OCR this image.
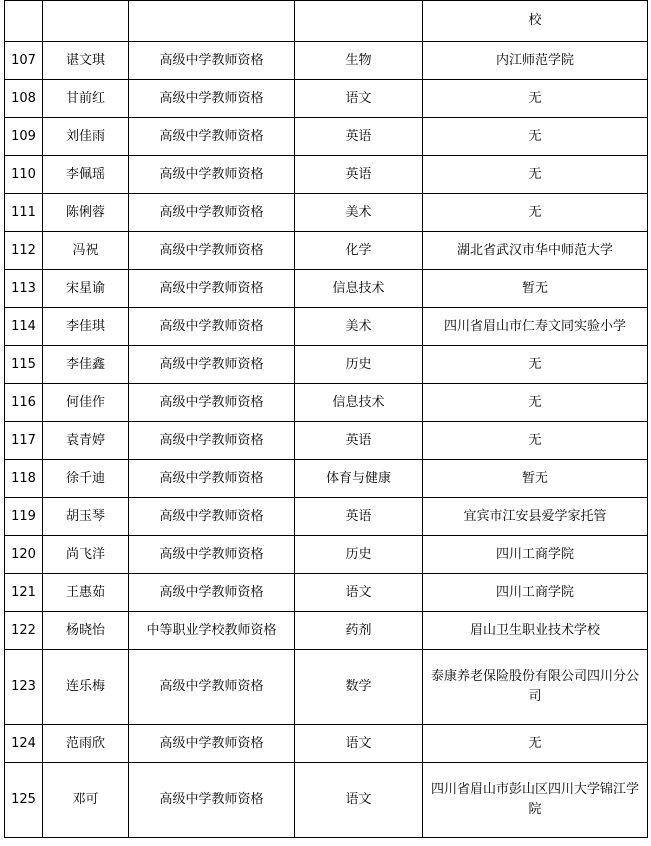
				校
107	谌文琪	高级中学教师资格	生物	内江师范学院
108	甘前红	高级中学教师资格	语文	无
109	刘佳雨	高级中学教师资格	英语	无
110	李佩瑶	高级中学教师资格	英语	无
111	陈俐蓉	高级中学教师资格	美术	无
112	冯祝	高级中学教师资格	化学	湖北省武汉市华中师范大学
113	宋星谕	高级中学教师资格	信息技术	暂无
114	李佳琪	高级中学教师资格	美术	四川省眉山市仁寿文同实验小学
115	李佳鑫	高级中学教师资格	历史	无
116	何佳作	高级中学教师资格	信息技术	无
117	袁青婷	高级中学教师资格	英语	无
118	徐千迪	高级中学教师资格	体育与健康	暂无
119	胡玉琴	高级中学教师资格	英语	宜宾市江安县爱学家托管
120	尚飞洋	高级中学教师资格	历史	四川工商学院
121	王惠茹	高级中学教师资格	语文	四川工商学院
122	杨晓怡	中等职业学校教师资格	药剂	眉山卫生职业技术学校
123	连乐梅	高级中学教师资格	数学	泰康养老保险股份有限公司四川分公司
124	范雨欣	高级中学教师资格	语文	无
125	邓可	高级中学教师资格	语文	四川省眉山市彭山区四川大学锦江学院
